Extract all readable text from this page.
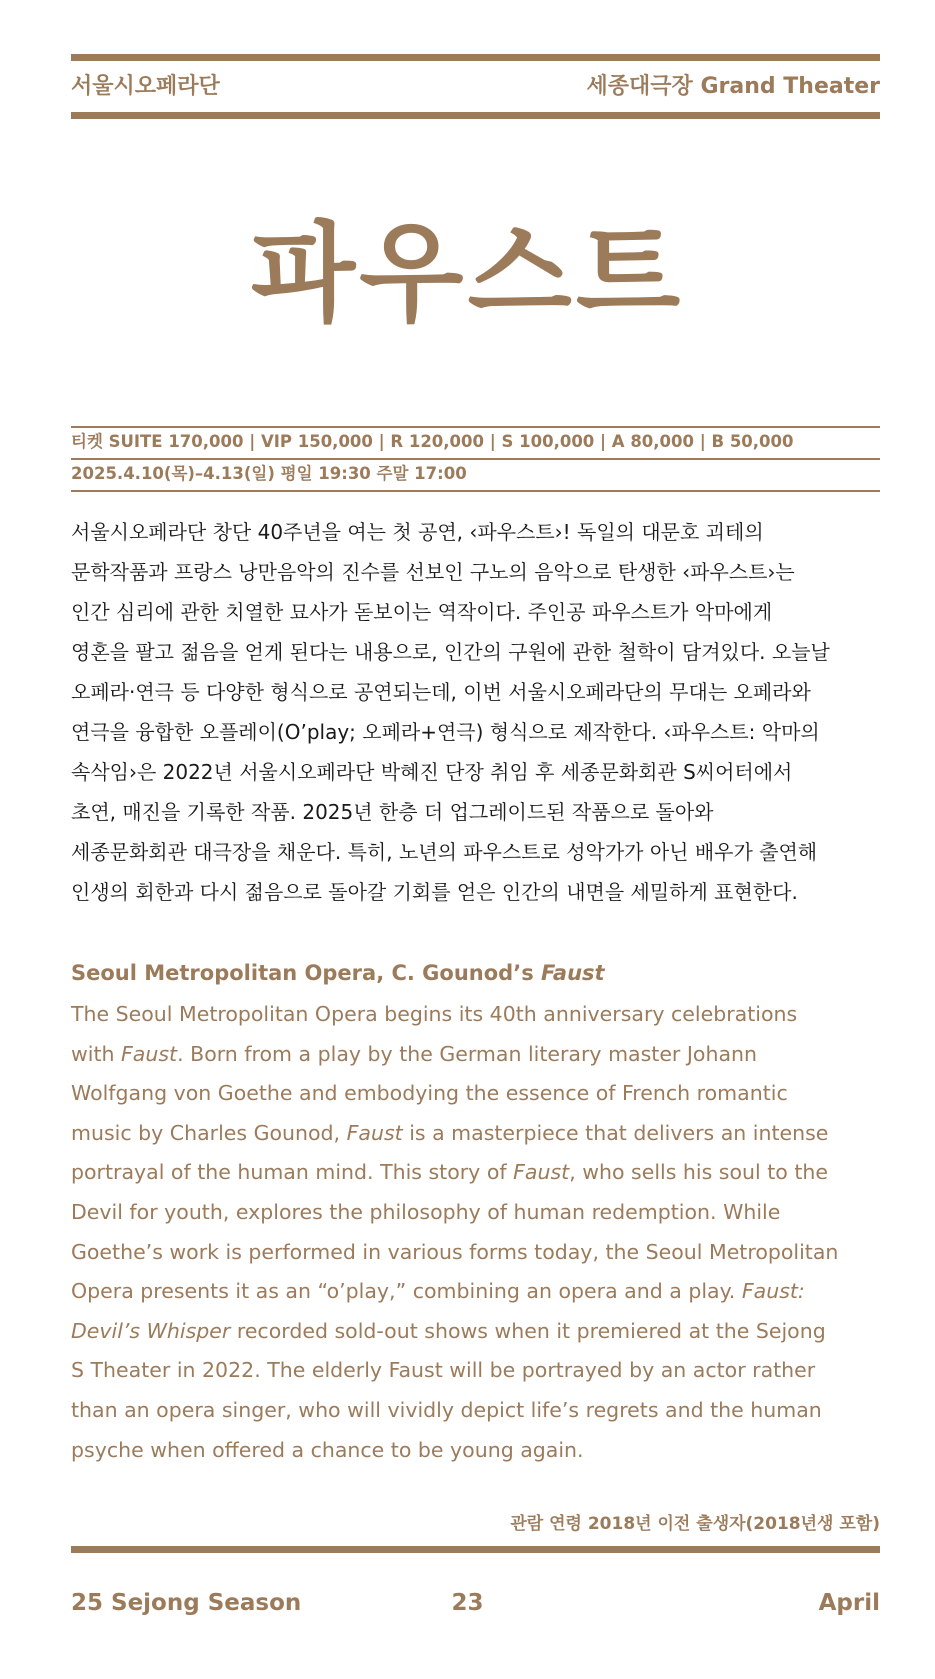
서울시오페라단	세종대극장 Grand Theater
파우스트
티켓 SUITE 170,000 | VIP 150,000 | R 120,000 | S 100,000 | A 80,000 | B 50,000
2025.4.10(목)–4.13(일) 평일 19:30 주말 17:00
서울시오페라단 창단 40주년을 여는 첫 공연, ‹파우스트›! 독일의 대문호 괴테의
문학작품과 프랑스 낭만음악의 진수를 선보인 구노의 음악으로 탄생한 ‹파우스트›는
인간 심리에 관한 치열한 묘사가 돋보이는 역작이다. 주인공 파우스트가 악마에게
영혼을 팔고 젊음을 얻게 된다는 내용으로, 인간의 구원에 관한 철학이 담겨있다. 오늘날
오페라·연극 등 다양한 형식으로 공연되는데, 이번 서울시오페라단의 무대는 오페라와
연극을 융합한 오플레이(O’play; 오페라+연극) 형식으로 제작한다. ‹파우스트: 악마의
속삭임›은 2022년 서울시오페라단 박혜진 단장 취임 후 세종문화회관 S씨어터에서
초연, 매진을 기록한 작품. 2025년 한층 더 업그레이드된 작품으로 돌아와
세종문화회관 대극장을 채운다. 특히, 노년의 파우스트로 성악가가 아닌 배우가 출연해
인생의 회한과 다시 젊음으로 돌아갈 기회를 얻은 인간의 내면을 세밀하게 표현한다.
Seoul Metropolitan Opera, C. Gounod’s Faust
The Seoul Metropolitan Opera begins its 40th anniversary celebrations
with Faust. Born from a play by the German literary master Johann
Wolfgang von Goethe and embodying the essence of French romantic
music by Charles Gounod, Faust is a masterpiece that delivers an intense
portrayal of the human mind. This story of Faust, who sells his soul to the
Devil for youth, explores the philosophy of human redemption. While
Goethe’s work is performed in various forms today, the Seoul Metropolitan
Opera presents it as an “o’play,” combining an opera and a play. Faust:
Devil’s Whisper recorded sold-out shows when it premiered at the Sejong
S Theater in 2022. The elderly Faust will be portrayed by an actor rather
than an opera singer, who will vividly depict life’s regrets and the human
psyche when offered a chance to be young again.
관람 연령 2018년 이전 출생자(2018년생 포함)
25 Sejong Season	23	April
